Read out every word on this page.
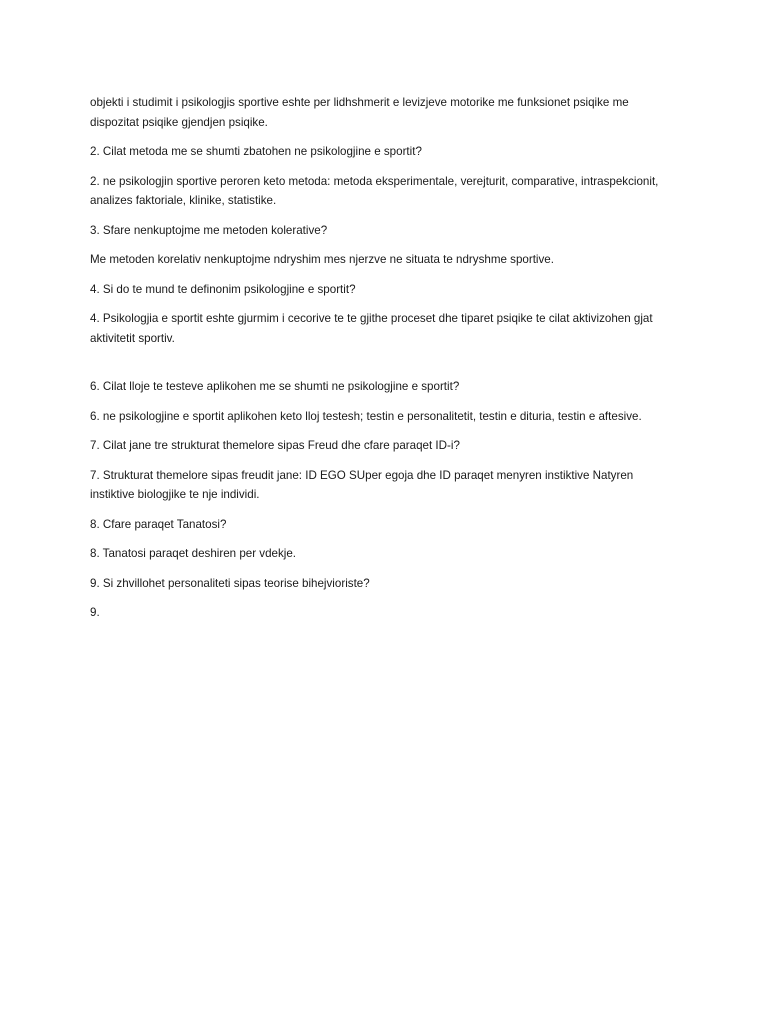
objekti i studimit i psikologjis sportive eshte per lidhshmerit e levizjeve motorike me funksionet psiqike me dispozitat psiqike gjendjen psiqike.

2. Cilat metoda me se shumti zbatohen ne psikologjine e sportit?

2. ne psikologjin sportive peroren keto metoda: metoda eksperimentale, verejturit, comparative, intraspekcionit, analizes faktoriale, klinike, statistike.

3. Sfare nenkuptojme me metoden kolerative?

Me metoden korelativ nenkuptojme ndryshim mes njerzve ne situata te ndryshme sportive.

4. Si do te mund te definonim psikologjine e sportit?

4. Psikologjia e sportit eshte gjurmim i cecorive te te gjithe proceset dhe tiparet psiqike te cilat aktivizohen gjat aktivitetit sportiv.

6. Cilat lloje te testeve aplikohen me se shumti ne psikologjine e sportit?

6. ne psikologjine e sportit aplikohen keto lloj testesh; testin e personalitetit, testin e dituria, testin e aftesive.

7. Cilat jane tre strukturat themelore sipas Freud dhe cfare paraqet ID-i?

7. Strukturat themelore sipas freudit jane: ID EGO SUper egoja dhe ID paraqet menyren instiktive Natyren instiktive biologjike te nje individi.

8. Cfare paraqet Tanatosi?

8. Tanatosi paraqet deshiren per vdekje.

9. Si zhvillohet personaliteti sipas teorise bihejvioriste?

9.
